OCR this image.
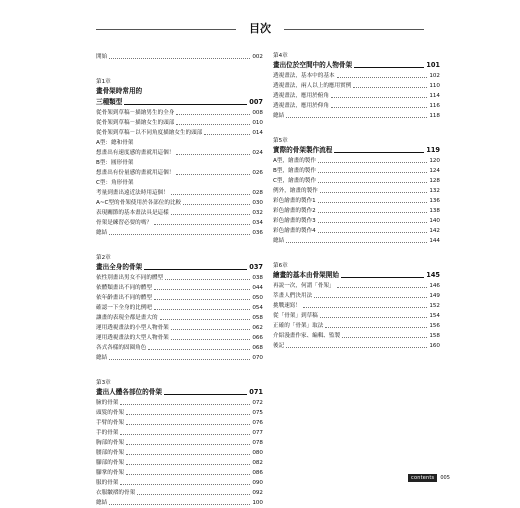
目次
開始	002
第1章
畫骨架時常用的
三種類型	007
從骨架到草稿－描繪男生的全身	008
從骨架到草稿－描繪女生的頭部	010
從骨架到草稿－以不同角度描繪女生的頭部	014
A型：總和骨架
想畫出有速度感的畫就用這個！	024
B型：圓形骨架
想畫出有份量感的畫就用這個！	026
C型：角形骨架
考量到畫出遠近法時用這個！	028
A~C型的骨架使用於各部位的比較	030
表現關節的基本畫法具是這樣	032
骨架是練習必要的嗎？	034
總結	036
第2章
畫出全身的骨架	037
依性別畫出男女不同的體型	038
依體類畫出不同的體型	044
依年齡畫出不同的體型	050
確認一下全身的比例吧	054
讓畫的表現全都是畫大的	058
運用透視畫法的小型人物骨架	062
運用透視畫法的大型人物骨架	066
各式各樣的固圈角色	068
總結	070
第3章
畫出人體各部位的骨架	071
臉的骨架	072
頭髮的骨架	075
手臂的骨架	076
手的骨架	077
胸部的骨架	078
腰部的骨架	080
腳部的骨架	082
腳掌的骨架	086
服的骨架	090
衣服皺褶的骨架	092
總結	100
第4章
畫出位於空間中的人物骨架	101
透視畫法，基本中的基本	102
透視畫法，兩人以上的應用實例	110
透視畫法，應用於俯角	114
透視畫法，應用於仰角	116
總結	118
第5章
實際的骨架製作流程	119
A型，繪畫的製作	120
B型，繪畫的製作	124
C型，繪畫的製作	128
例外，繪畫的製作	132
彩色繪畫的製作1	136
彩色繪畫的製作2	138
彩色繪畫的製作3	140
彩色繪畫的製作4	142
總結	144
第6章
繪畫的基本由骨架開始	145
再説一次，何謂「骨架」	146
萃畫人們決用法	149
挑戰速寫！	152
從「骨架」到草稿	154
正確的「骨架」取法	156
介紹漫畫作家、編輯、監製	158
後記	160
contents	005
